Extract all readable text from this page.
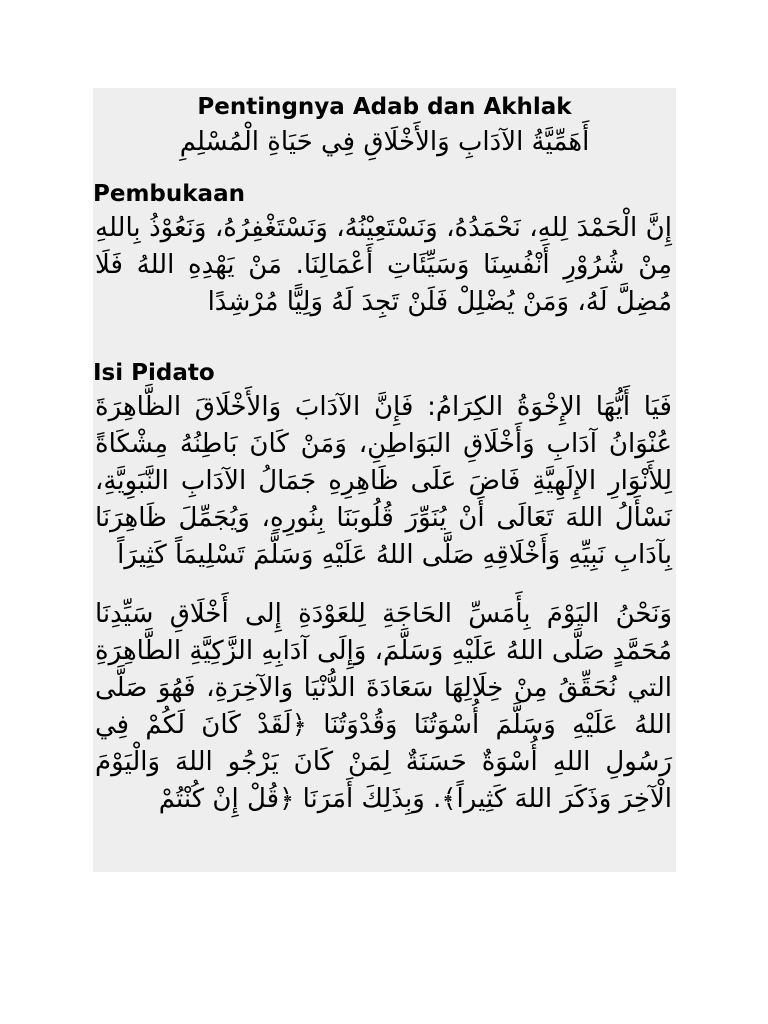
Pentingnya Adab dan Akhlak
أَهَمِّيَّةُ الآدَابِ وَالأَخْلَاقِ فِي حَيَاةِ الْمُسْلِمِ
Pembukaan

إِنَّ الْحَمْدَ لِلهِ، نَحْمَدُهُ، وَنَسْتَعِيْنُهُ، وَنَسْتَغْفِرُهُ، وَنَعُوْذُ بِاللهِ مِنْ شُرُوْرِ أَنْفُسِنَا وَسَيِّئَاتِ أَعْمَالِنَا. مَنْ يَهْدِهِ اللهُ فَلَا مُضِلَّ لَهُ، وَمَنْ يُضْلِلْ فَلَنْ تَجِدَ لَهُ وَلِيًّا مُرْشِدًا

Isi Pidato

فَيَا أَيُّهَا الإِخْوَةُ الكِرَامُ: فَإِنَّ الآدَابَ وَالأَخْلَاقَ الظَّاهِرَةَ عُنْوَانُ آدَابِ وَأَخْلَاقِ البَوَاطِنِ، وَمَنْ كَانَ بَاطِنُهُ مِشْكَاةً لِلأَنْوَارِ الإِلَهِيَّةِ فَاضَ عَلَى ظَاهِرِهِ جَمَالُ الآدَابِ النَّبَوِيَّةِ، نَسْأَلُ اللهَ تَعَالَى أَنْ يُنَوِّرَ قُلُوبَنَا بِنُورِهِ، وَيُجَمِّلَ ظَاهِرَنَا بِآدَابِ نَبِيِّهِ وَأَخْلَاقِهِ صَلَّى اللهُ عَلَيْهِ وَسَلَّمَ تَسْلِيمَاً كَثِيرَاً

وَنَحْنُ اليَوْمَ بِأَمَسِّ الحَاجَةِ لِلعَوْدَةِ إِلى أَخْلَاقِ سَيِّدِنَا مُحَمَّدٍ صَلَّى اللهُ عَلَيْهِ وَسَلَّمَ، وَإِلَى آدَابِهِ الزَّكِيَّةِ الطَّاهِرَةِ التي نُحَقِّقُ مِنْ خِلَالِهَا سَعَادَةَ الدُّنْيَا وَالآخِرَةِ، فَهُوَ صَلَّى اللهُ عَلَيْهِ وَسَلَّمَ أُسْوَتُنَا وَقُدْوَتُنَا ﴿لَقَدْ كَانَ لَكُمْ فِي رَسُولِ اللهِ أُسْوَةٌ حَسَنَةٌ لِمَنْ كَانَ يَرْجُو اللهَ وَالْيَوْمَ الْآخِرَ وَذَكَرَ اللهَ كَثِيراً﴾. وَبِذَلِكَ أَمَرَنَا ﴿قُلْ إِنْ كُنْتُمْ
